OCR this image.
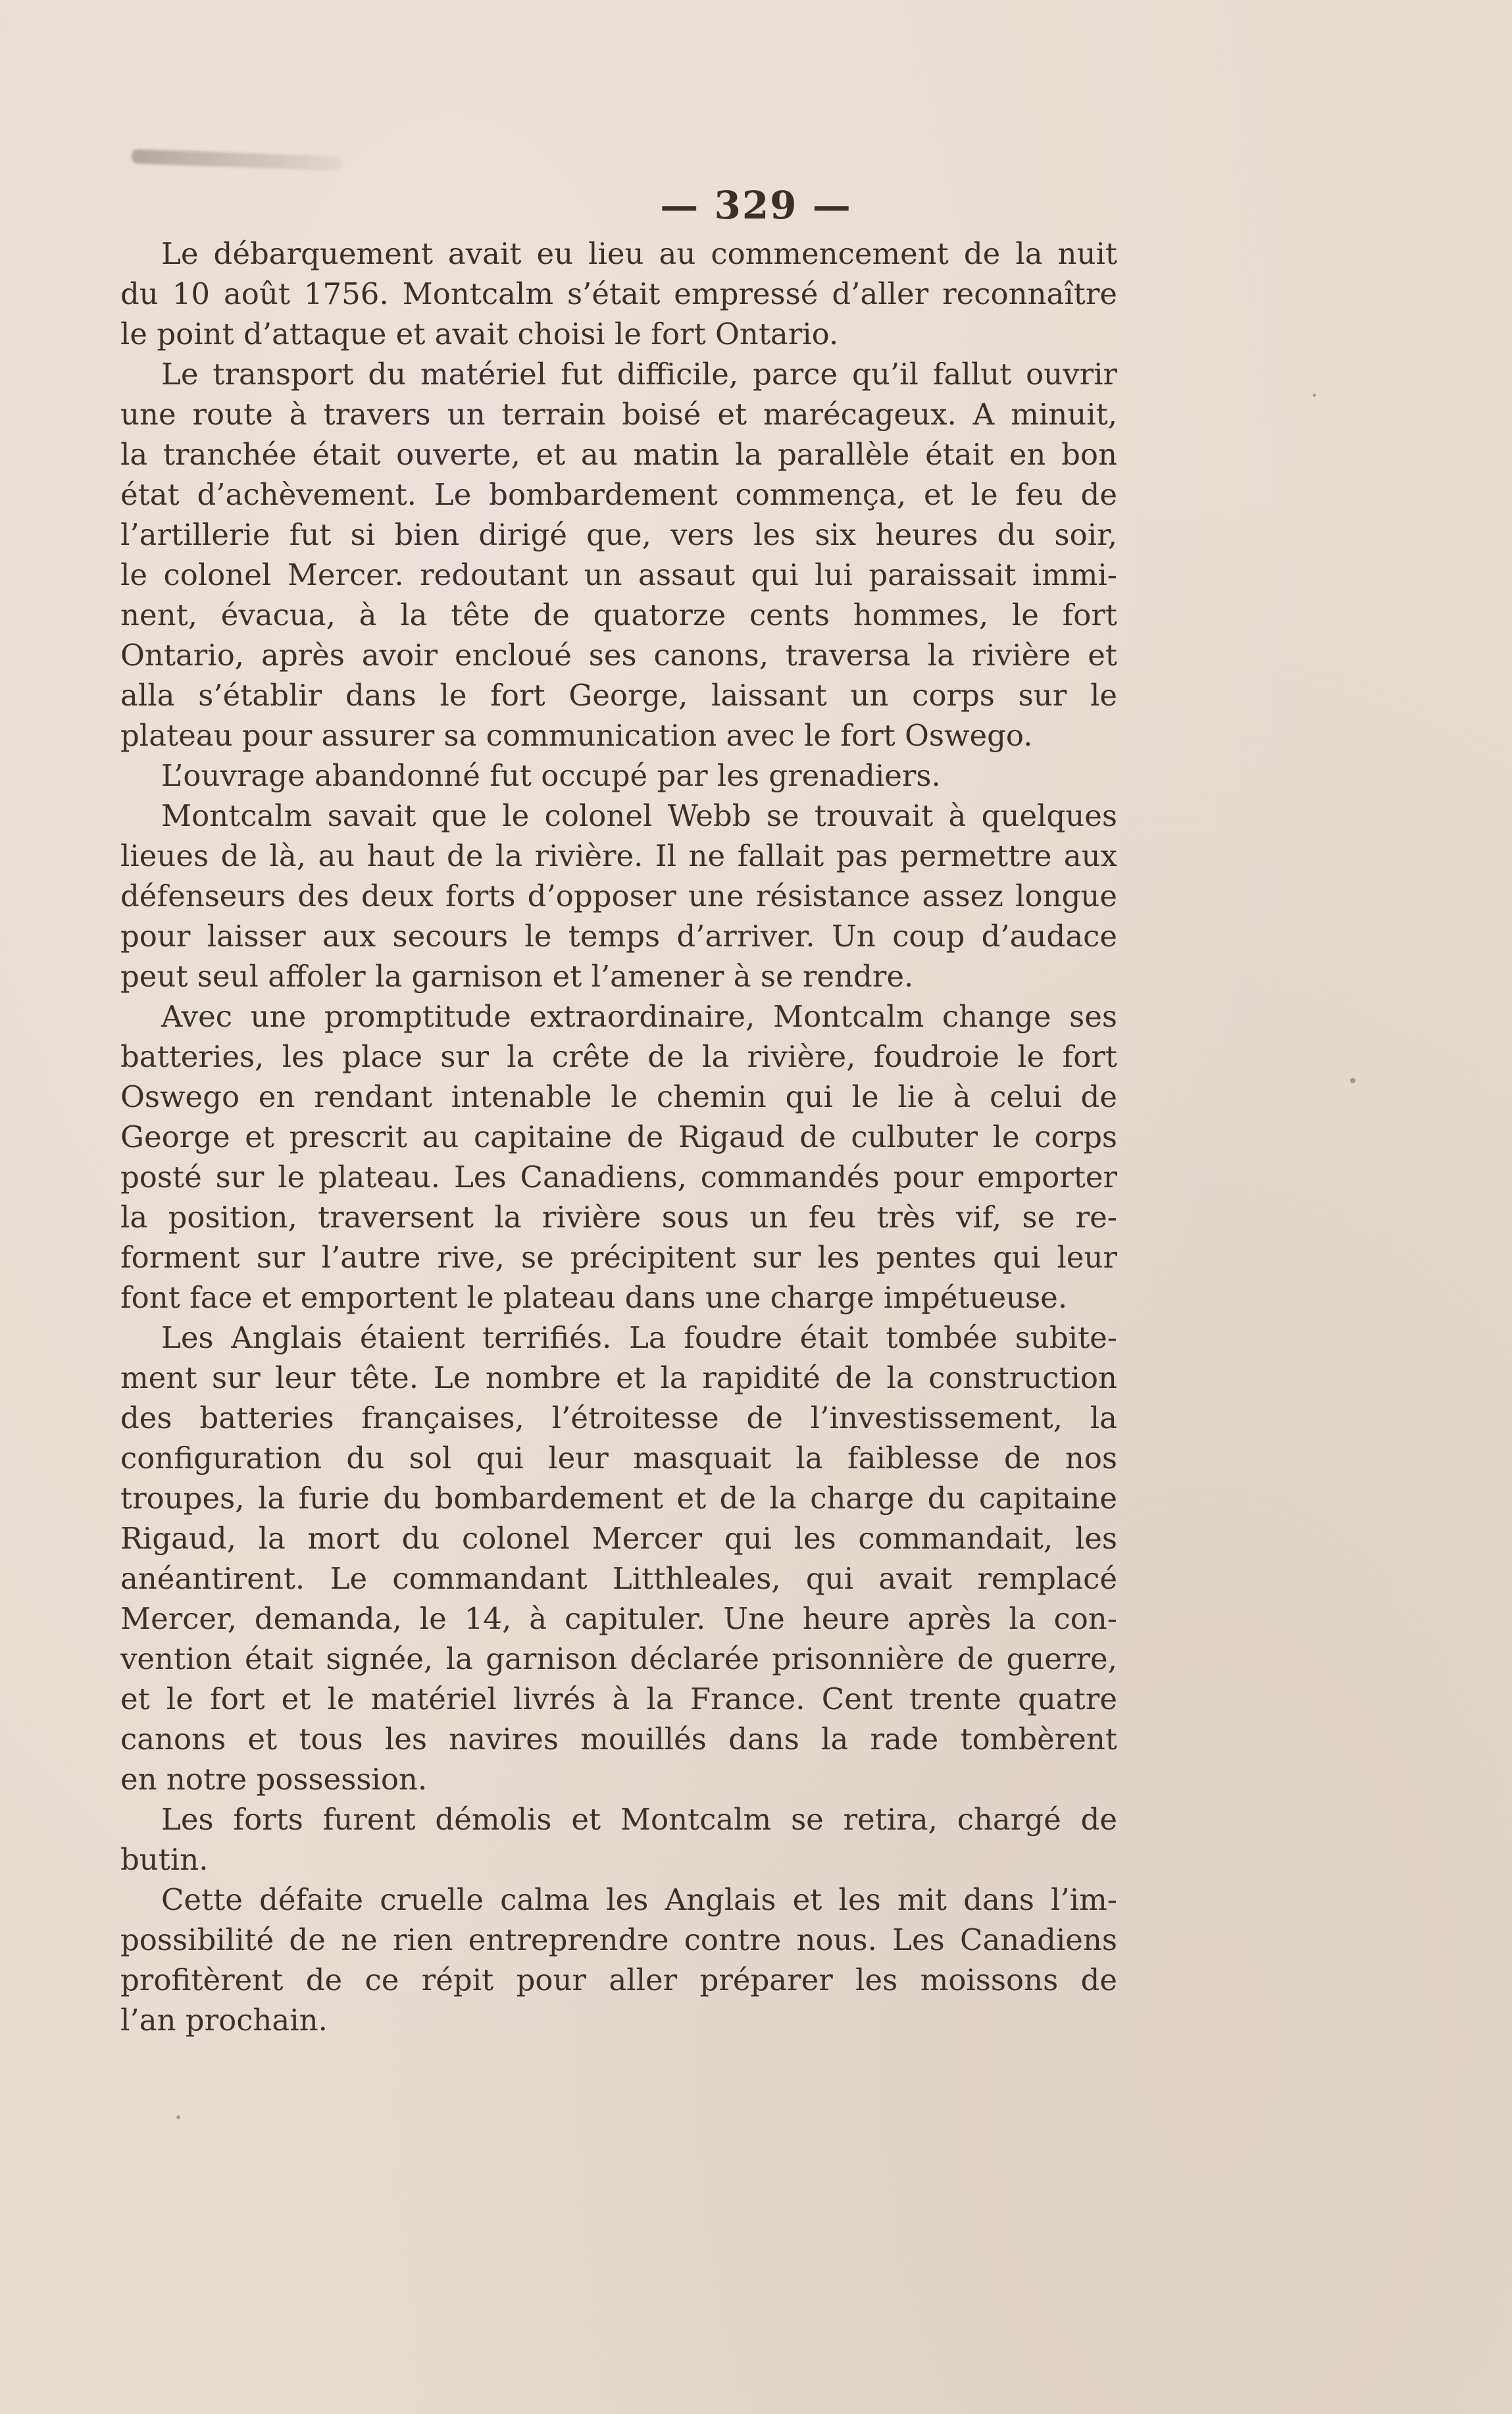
— 329 —
Le débarquement avait eu lieu au commencement de la nuit
du 10 août 1756. Montcalm s’était empressé d’aller reconnaître
le point d’attaque et avait choisi le fort Ontario.
Le transport du matériel fut difficile, parce qu’il fallut ouvrir
une route à travers un terrain boisé et marécageux. A minuit,
la tranchée était ouverte, et au matin la parallèle était en bon
état d’achèvement. Le bombardement commença, et le feu de
l’artillerie fut si bien dirigé que, vers les six heures du soir,
le colonel Mercer. redoutant un assaut qui lui paraissait immi-
nent, évacua, à la tête de quatorze cents hommes, le fort
Ontario, après avoir encloué ses canons, traversa la rivière et
alla s’établir dans le fort George, laissant un corps sur le
plateau pour assurer sa communication avec le fort Oswego.
L’ouvrage abandonné fut occupé par les grenadiers.
Montcalm savait que le colonel Webb se trouvait à quelques
lieues de là, au haut de la rivière. Il ne fallait pas permettre aux
défenseurs des deux forts d’opposer une résistance assez longue
pour laisser aux secours le temps d’arriver. Un coup d’audace
peut seul affoler la garnison et l’amener à se rendre.
Avec une promptitude extraordinaire, Montcalm change ses
batteries, les place sur la crête de la rivière, foudroie le fort
Oswego en rendant intenable le chemin qui le lie à celui de
George et prescrit au capitaine de Rigaud de culbuter le corps
posté sur le plateau. Les Canadiens, commandés pour emporter
la position, traversent la rivière sous un feu très vif, se re-
forment sur l’autre rive, se précipitent sur les pentes qui leur
font face et emportent le plateau dans une charge impétueuse.
Les Anglais étaient terrifiés. La foudre était tombée subite-
ment sur leur tête. Le nombre et la rapidité de la construction
des batteries françaises, l’étroitesse de l’investissement, la
configuration du sol qui leur masquait la faiblesse de nos
troupes, la furie du bombardement et de la charge du capitaine
Rigaud, la mort du colonel Mercer qui les commandait, les
anéantirent. Le commandant Litthleales, qui avait remplacé
Mercer, demanda, le 14, à capituler. Une heure après la con-
vention était signée, la garnison déclarée prisonnière de guerre,
et le fort et le matériel livrés à la France. Cent trente quatre
canons et tous les navires mouillés dans la rade tombèrent
en notre possession.
Les forts furent démolis et Montcalm se retira, chargé de
butin.
Cette défaite cruelle calma les Anglais et les mit dans l’im-
possibilité de ne rien entreprendre contre nous. Les Canadiens
profitèrent de ce répit pour aller préparer les moissons de
l’an prochain.
